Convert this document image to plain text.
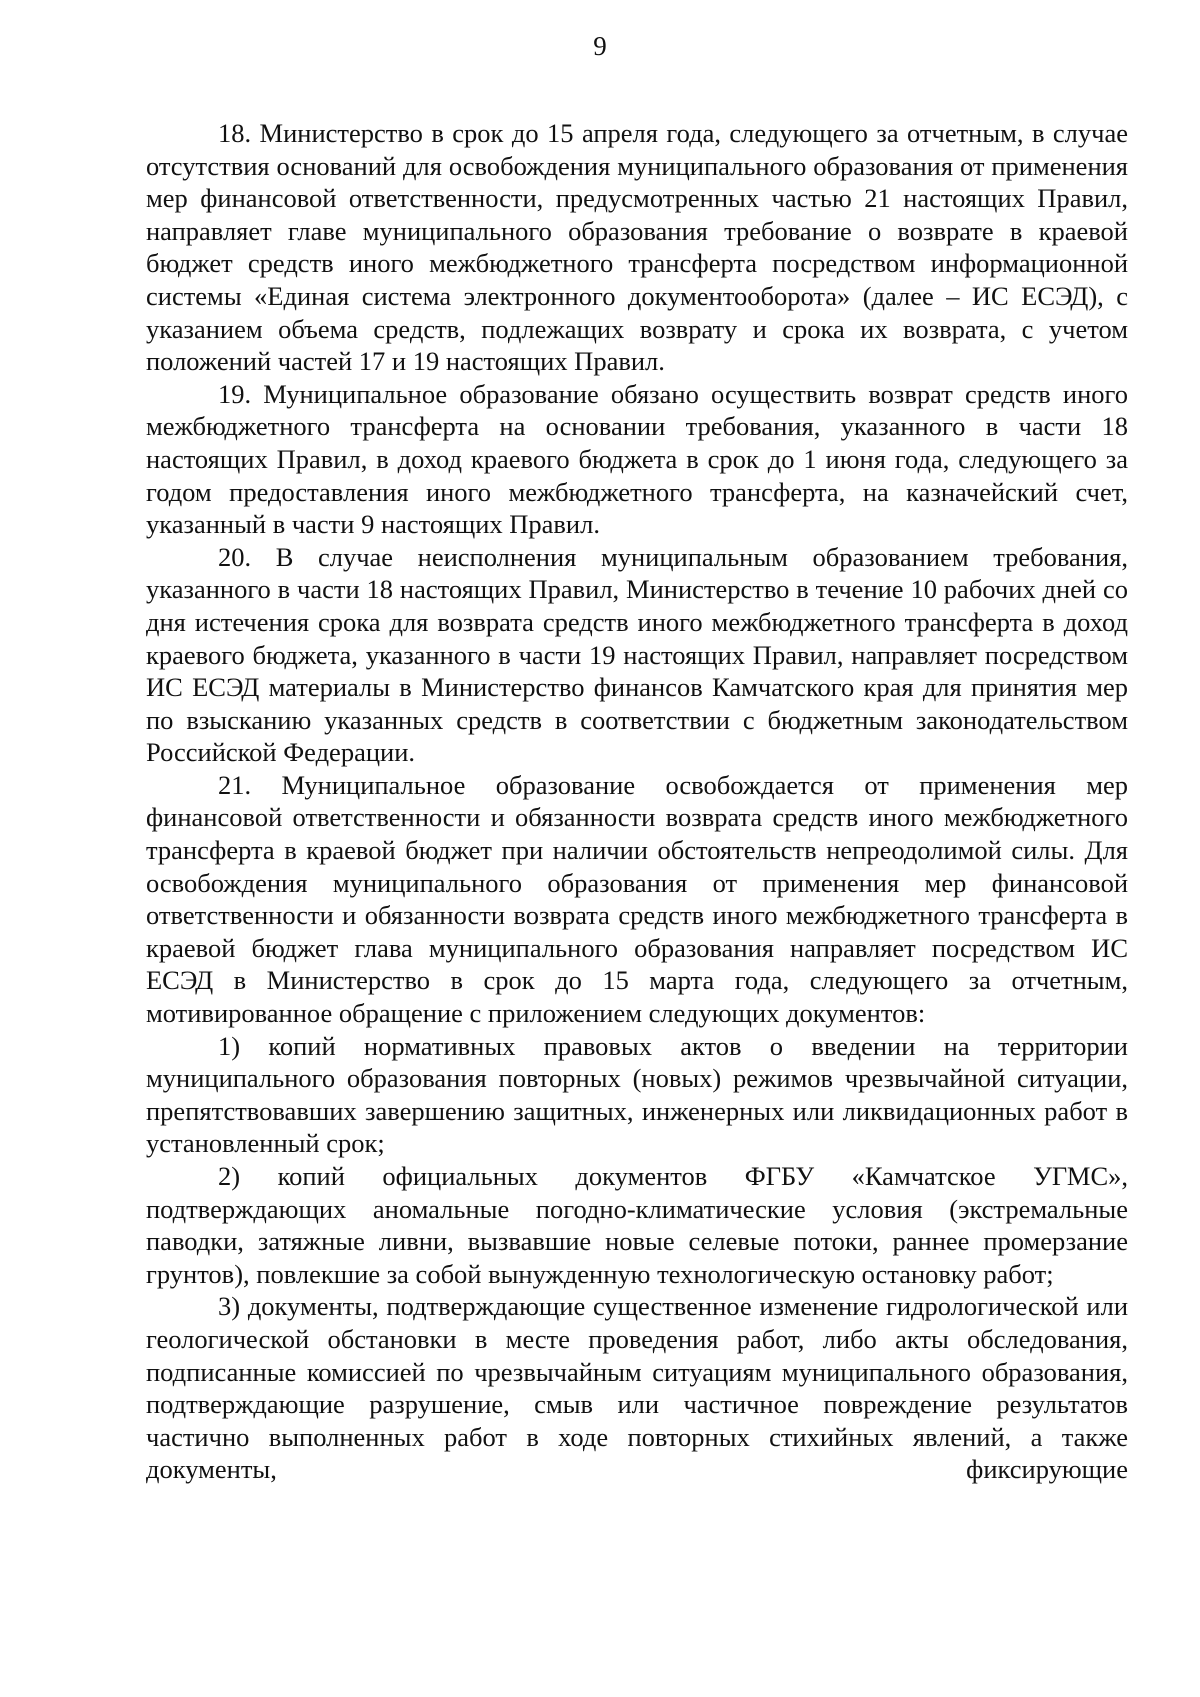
9

18. Министерство в срок до 15 апреля года, следующего за отчетным, в случае отсутствия оснований для освобождения муниципального образования от применения мер финансовой ответственности, предусмотренных частью 21 настоящих Правил, направляет главе муниципального образования требование о возврате в краевой бюджет средств иного межбюджетного трансферта посредством информационной системы «Единая система электронного документооборота» (далее – ИС ЕСЭД), с указанием объема средств, подлежащих возврату и срока их возврата, с учетом положений частей 17 и 19 настоящих Правил.

19. Муниципальное образование обязано осуществить возврат средств иного межбюджетного трансферта на основании требования, указанного в части 18 настоящих Правил, в доход краевого бюджета в срок до 1 июня года, следующего за годом предоставления иного межбюджетного трансферта, на казначейский счет, указанный в части 9 настоящих Правил.

20. В случае неисполнения муниципальным образованием требования, указанного в части 18 настоящих Правил, Министерство в течение 10 рабочих дней со дня истечения срока для возврата средств иного межбюджетного трансферта в доход краевого бюджета, указанного в части 19 настоящих Правил, направляет посредством ИС ЕСЭД материалы в Министерство финансов Камчатского края для принятия мер по взысканию указанных средств в соответствии с бюджетным законодательством Российской Федерации.

21. Муниципальное образование освобождается от применения мер финансовой ответственности и обязанности возврата средств иного межбюджетного трансферта в краевой бюджет при наличии обстоятельств непреодолимой силы. Для освобождения муниципального образования от применения мер финансовой ответственности и обязанности возврата средств иного межбюджетного трансферта в краевой бюджет глава муниципального образования направляет посредством ИС ЕСЭД в Министерство в срок до 15 марта года, следующего за отчетным, мотивированное обращение с приложением следующих документов:

1) копий нормативных правовых актов о введении на территории муниципального образования повторных (новых) режимов чрезвычайной ситуации, препятствовавших завершению защитных, инженерных или ликвидационных работ в установленный срок;

2) копий официальных документов ФГБУ «Камчатское УГМС», подтверждающих аномальные погодно-климатические условия (экстремальные паводки, затяжные ливни, вызвавшие новые селевые потоки, раннее промерзание грунтов), повлекшие за собой вынужденную технологическую остановку работ;

3) документы, подтверждающие существенное изменение гидрологической или геологической обстановки в месте проведения работ, либо акты обследования, подписанные комиссией по чрезвычайным ситуациям муниципального образования, подтверждающие разрушение, смыв или частичное повреждение результатов частично выполненных работ в ходе повторных стихийных явлений, а также документы, фиксирующие
